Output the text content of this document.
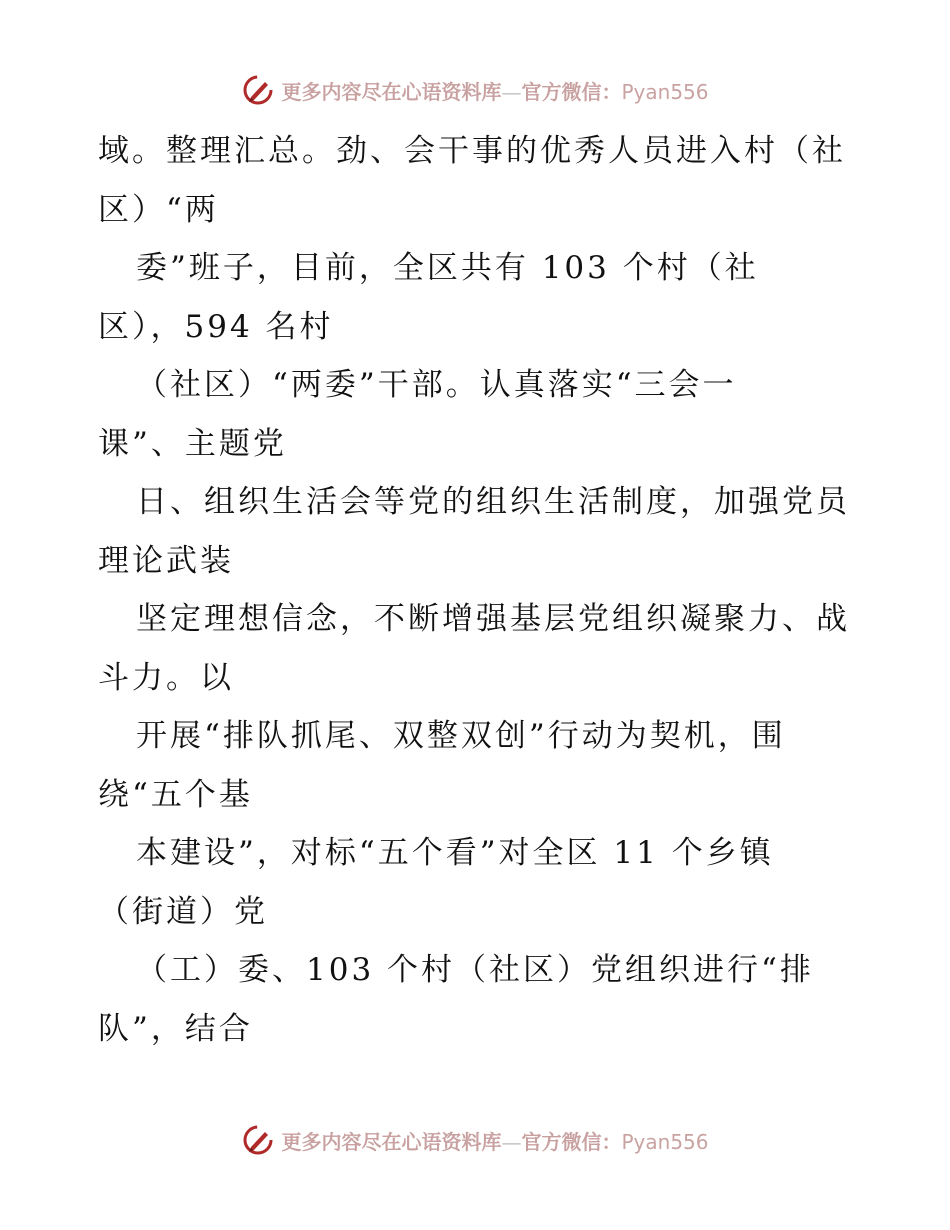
更多内容尽在心语资料库—官方微信：Pyan556
域。整理汇总。劲、会干事的优秀人员进入村（社
区）“两
委”班子，目前，全区共有 103 个村（社
区），594 名村
（社区）“两委”干部。认真落实“三会一
课”、主题党
日、组织生活会等党的组织生活制度，加强党员
理论武装
坚定理想信念，不断增强基层党组织凝聚力、战
斗力。以
开展“排队抓尾、双整双创”行动为契机，围
绕“五个基
本建设”，对标“五个看”对全区 11 个乡镇
（街道）党
（工）委、103 个村（社区）党组织进行“排
队”，结合
更多内容尽在心语资料库—官方微信：Pyan556
